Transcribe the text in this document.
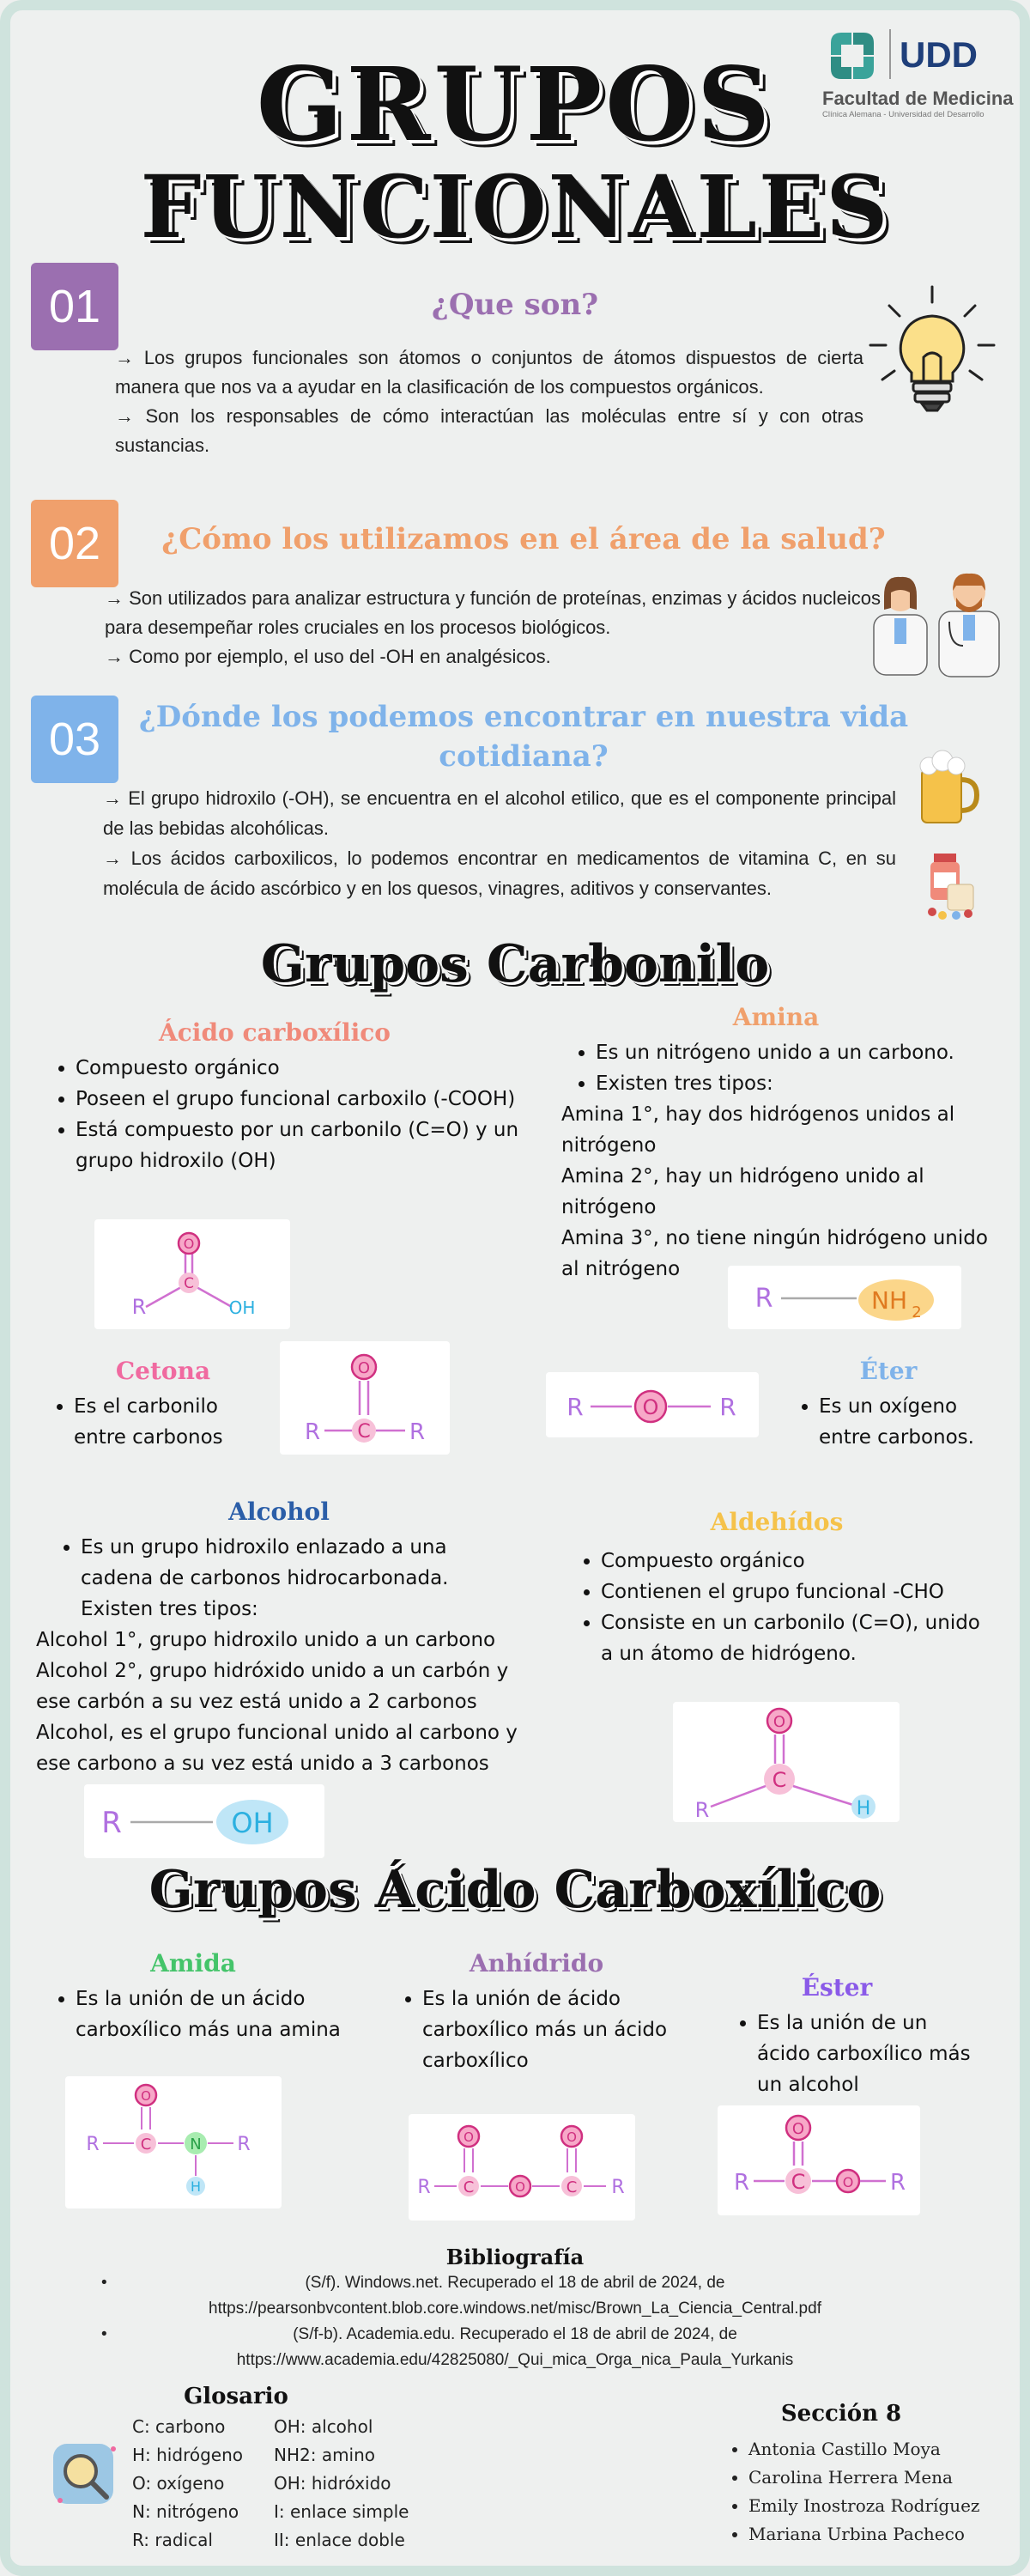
GRUPOS
FUNCIONALES
UDD
Facultad de Medicina
Clínica Alemana - Universidad del Desarrollo
01	¿Que son?

→ Los grupos funcionales son átomos o conjuntos de átomos dispuestos de cierta manera que nos va a ayudar en la clasificación de los compuestos orgánicos.

→ Son los responsables de cómo interactúan las moléculas entre sí y con otras sustancias.

02	¿Cómo los utilizamos en el área de la salud?

→ Son utilizados para analizar estructura y función de proteínas, enzimas y ácidos nucleicos para desempeñar roles cruciales en los procesos biológicos.

→ Como por ejemplo, el uso del -OH en analgésicos.

03	¿Dónde los podemos encontrar en nuestra vida cotidiana?

→ El grupo hidroxilo (-OH), se encuentra en el alcohol etilico, que es el componente principal de las bebidas alcohólicas.

→ Los ácidos carboxilicos, lo podemos encontrar en medicamentos de vitamina C, en su molécula de ácido ascórbico y en los quesos, vinagres, aditivos y conservantes.

Grupos Carbonilo
Ácido carboxílico
• Compuesto orgánico
• Poseen el grupo funcional carboxilo (-COOH)
• Está compuesto por un carbonilo (C=O) y un grupo hidroxilo (OH)
O
C
R	OH
Amina
• Es un nitrógeno unido a un carbono.
• Existen tres tipos:
Amina 1°, hay dos hidrógenos unidos al nitrógeno
Amina 2°, hay un hidrógeno unido al nitrógeno
Amina 3°, no tiene ningún hidrógeno unido al nitrógeno
R	NH 2
Cetona
• Es el carbonilo entre carbonos
O
C
R	R
R	O	R
Éter
• Es un oxígeno entre carbonos.
Alcohol
• Es un grupo hidroxilo enlazado a una cadena de carbonos hidrocarbonada. Existen tres tipos:
Alcohol 1°, grupo hidroxilo unido a un carbono
Alcohol 2°, grupo hidróxido unido a un carbón y ese carbón a su vez está unido a 2 carbonos
Alcohol, es el grupo funcional unido al carbono y ese carbono a su vez está unido a 3 carbonos
R	OH
Aldehídos
• Compuesto orgánico
• Contienen el grupo funcional -CHO
• Consiste en un carbonilo (C=O), unido a un átomo de hidrógeno.
O
C
R	H
Grupos Ácido Carboxílico
Amida
• Es la unión de un ácido carboxílico más una amina
O
C N
H
R	R
Anhídrido
• Es la unión de ácido carboxílico más un ácido carboxílico
O	O
C	O	C
R	R
Éster
• Es la unión de un ácido carboxílico más un alcohol
O
C	O
R	R
Bibliografía
•	(S/f). Windows.net. Recuperado el 18 de abril de 2024, de https://pearsonbvcontent.blob.core.windows.net/misc/Brown_La_Ciencia_Central.pdf
•	(S/f-b). Academia.edu. Recuperado el 18 de abril de 2024, de https://www.academia.edu/42825080/_Qui_mica_Orga_nica_Paula_Yurkanis
Glosario
C: carbono	OH: alcohol
H: hidrógeno	NH2: amino
O: oxígeno	OH: hidróxido
N: nitrógeno	I: enlace simple
R: radical	II: enlace doble
Sección 8
• Antonia Castillo Moya
• Carolina Herrera Mena
• Emily Inostroza Rodríguez
• Mariana Urbina Pacheco
